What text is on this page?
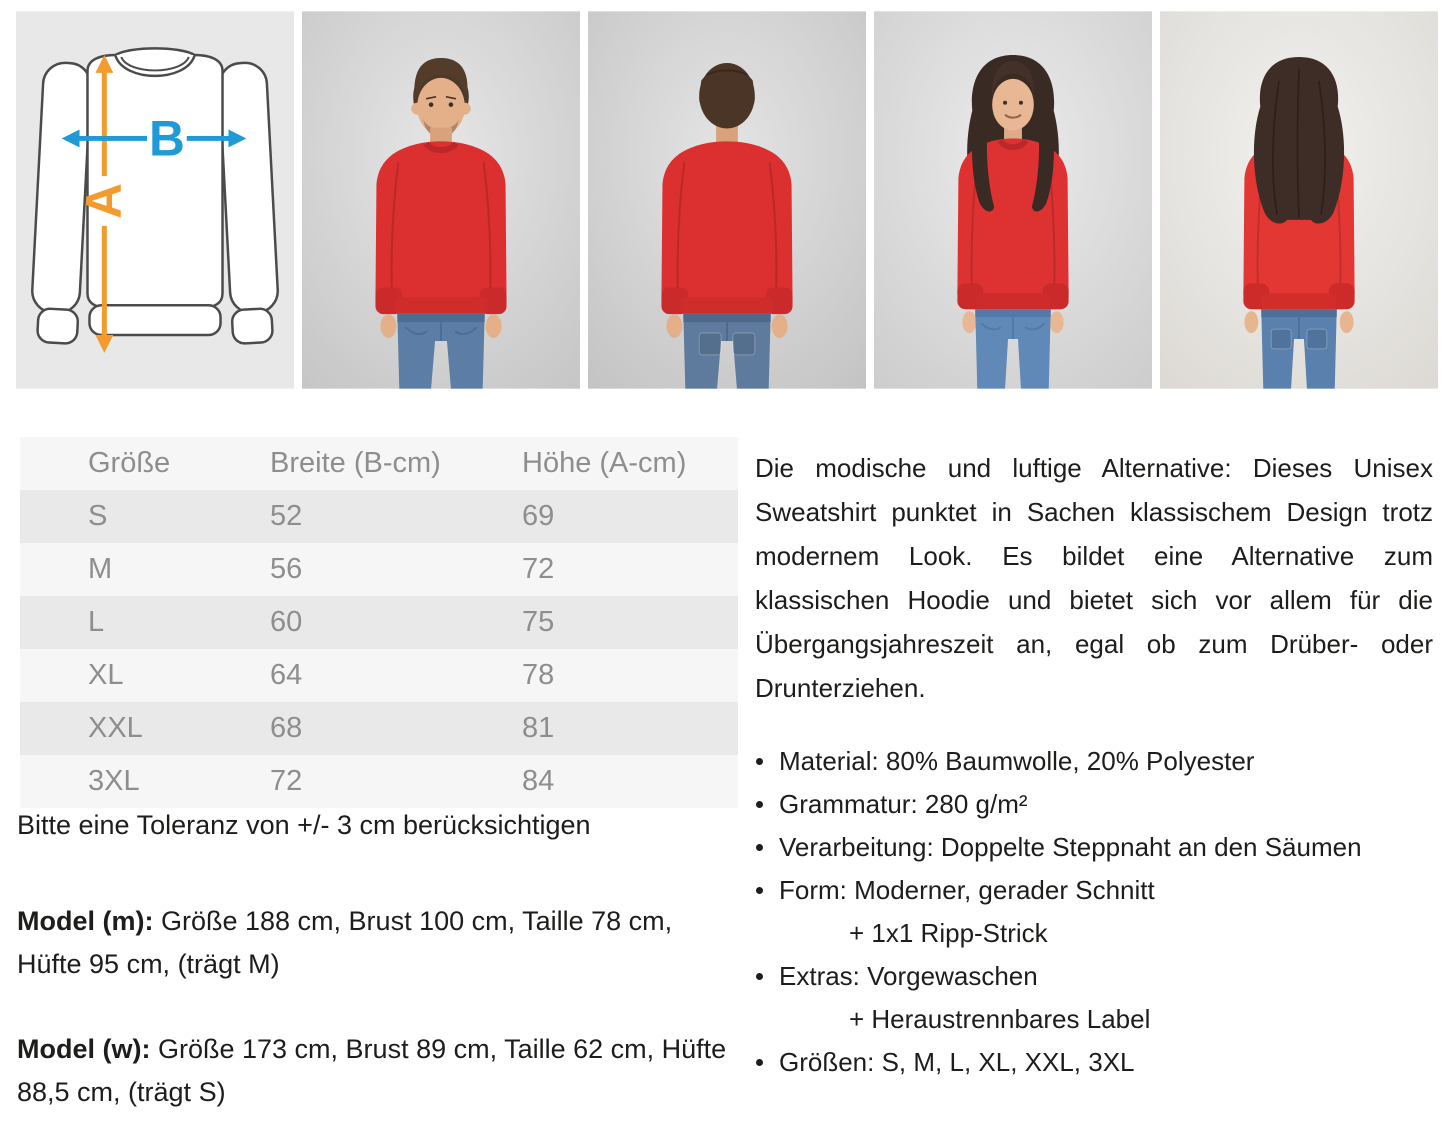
A
B
Größe	Breite (B-cm)	Höhe (A-cm)
S	52	69
M	56	72
L	60	75
XL	64	78
XXL	68	81
3XL	72	84

Bitte eine Toleranz von +/- 3 cm berücksichtigen

Model (m): Größe 188 cm, Brust 100 cm, Taille 78 cm, Hüfte 95 cm, (trägt M)

Model (w): Größe 173 cm, Brust 89 cm, Taille 62 cm, Hüfte 88,5 cm, (trägt S)

Die modische und luftige Alternative: Dieses Unisex Sweatshirt punktet in Sachen klassischem Design trotz modernem Look. Es bildet eine Alternative zum klassischen Hoodie und bietet sich vor allem für die Übergangsjahreszeit an, egal ob zum Drüber- oder Drunterziehen.

Material: 80% Baumwolle, 20% Polyester
Grammatur: 280 g/m²
Verarbeitung: Doppelte Steppnaht an den Säumen
Form: Moderner, gerader Schnitt
+ 1x1 Ripp-Strick
Extras: Vorgewaschen
+ Heraustrennbares Label
Größen: S, M, L, XL, XXL, 3XL
